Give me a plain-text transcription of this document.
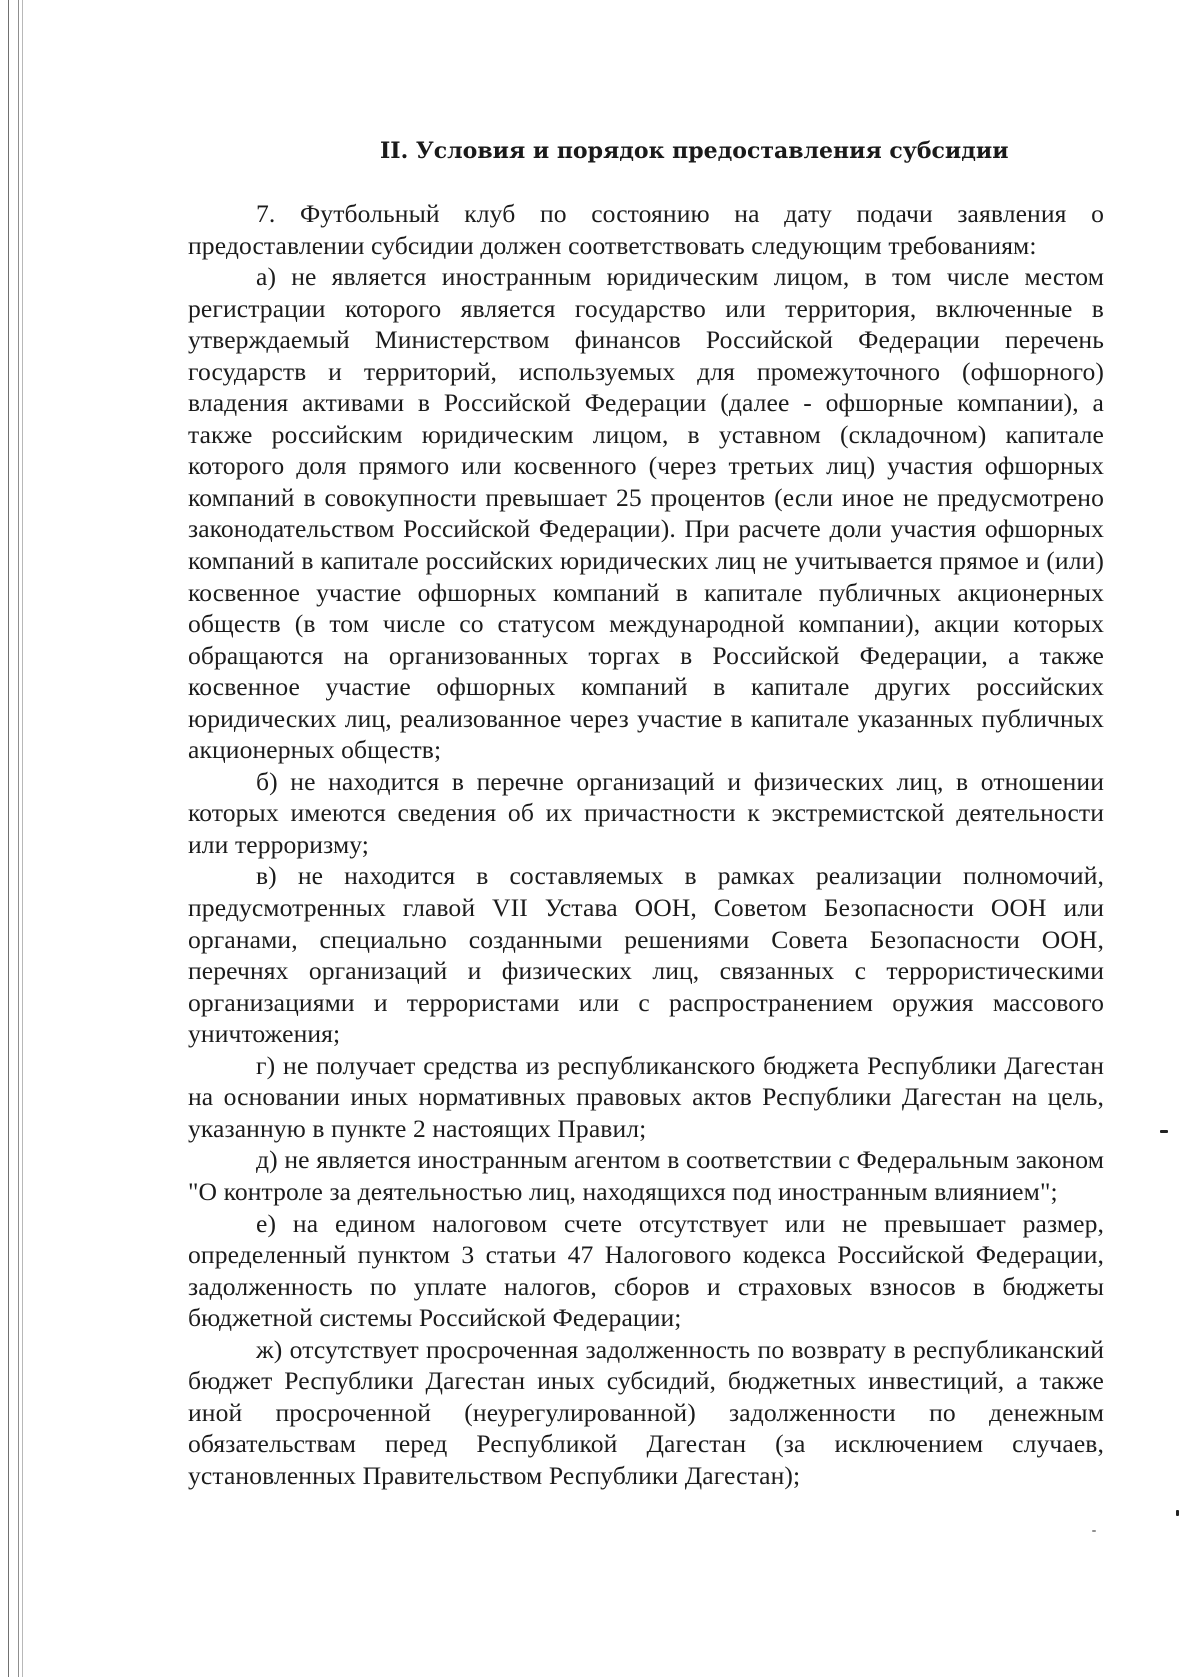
II. Условия и порядок предоставления субсидии

7. Футбольный клуб по состоянию на дату подачи заявления о предоставлении субсидии должен соответствовать следующим требованиям:

а) не является иностранным юридическим лицом, в том числе местом регистрации которого является государство или территория, включенные в утверждаемый Министерством финансов Российской Федерации перечень государств и территорий, используемых для промежуточного (офшорного) владения активами в Российской Федерации (далее - офшорные компании), а также российским юридическим лицом, в уставном (складочном) капитале которого доля прямого или косвенного (через третьих лиц) участия офшорных компаний в совокупности превышает 25 процентов (если иное не предусмотрено законодательством Российской Федерации). При расчете доли участия офшорных компаний в капитале российских юридических лиц не учитывается прямое и (или) косвенное участие офшорных компаний в капитале публичных акционерных обществ (в том числе со статусом международной компании), акции которых обращаются на организованных торгах в Российской Федерации, а также косвенное участие офшорных компаний в капитале других российских юридических лиц, реализованное через участие в капитале указанных публичных акционерных обществ;

б) не находится в перечне организаций и физических лиц, в отношении которых имеются сведения об их причастности к экстремистской деятельности или терроризму;

в) не находится в составляемых в рамках реализации полномочий, предусмотренных главой VII Устава ООН, Советом Безопасности ООН или органами, специально созданными решениями Совета Безопасности ООН, перечнях организаций и физических лиц, связанных с террористическими организациями и террористами или с распространением оружия массового уничтожения;

г) не получает средства из республиканского бюджета Республики Дагестан на основании иных нормативных правовых актов Республики Дагестан на цель, указанную в пункте 2 настоящих Правил;

д) не является иностранным агентом в соответствии с Федеральным законом "О контроле за деятельностью лиц, находящихся под иностранным влиянием";

е) на едином налоговом счете отсутствует или не превышает размер, определенный пунктом 3 статьи 47 Налогового кодекса Российской Федерации, задолженность по уплате налогов, сборов и страховых взносов в бюджеты бюджетной системы Российской Федерации;

ж) отсутствует просроченная задолженность по возврату в республиканский бюджет Республики Дагестан иных субсидий, бюджетных инвестиций, а также иной просроченной (неурегулированной) задолженности по денежным обязательствам перед Республикой Дагестан (за исключением случаев, установленных Правительством Республики Дагестан);
